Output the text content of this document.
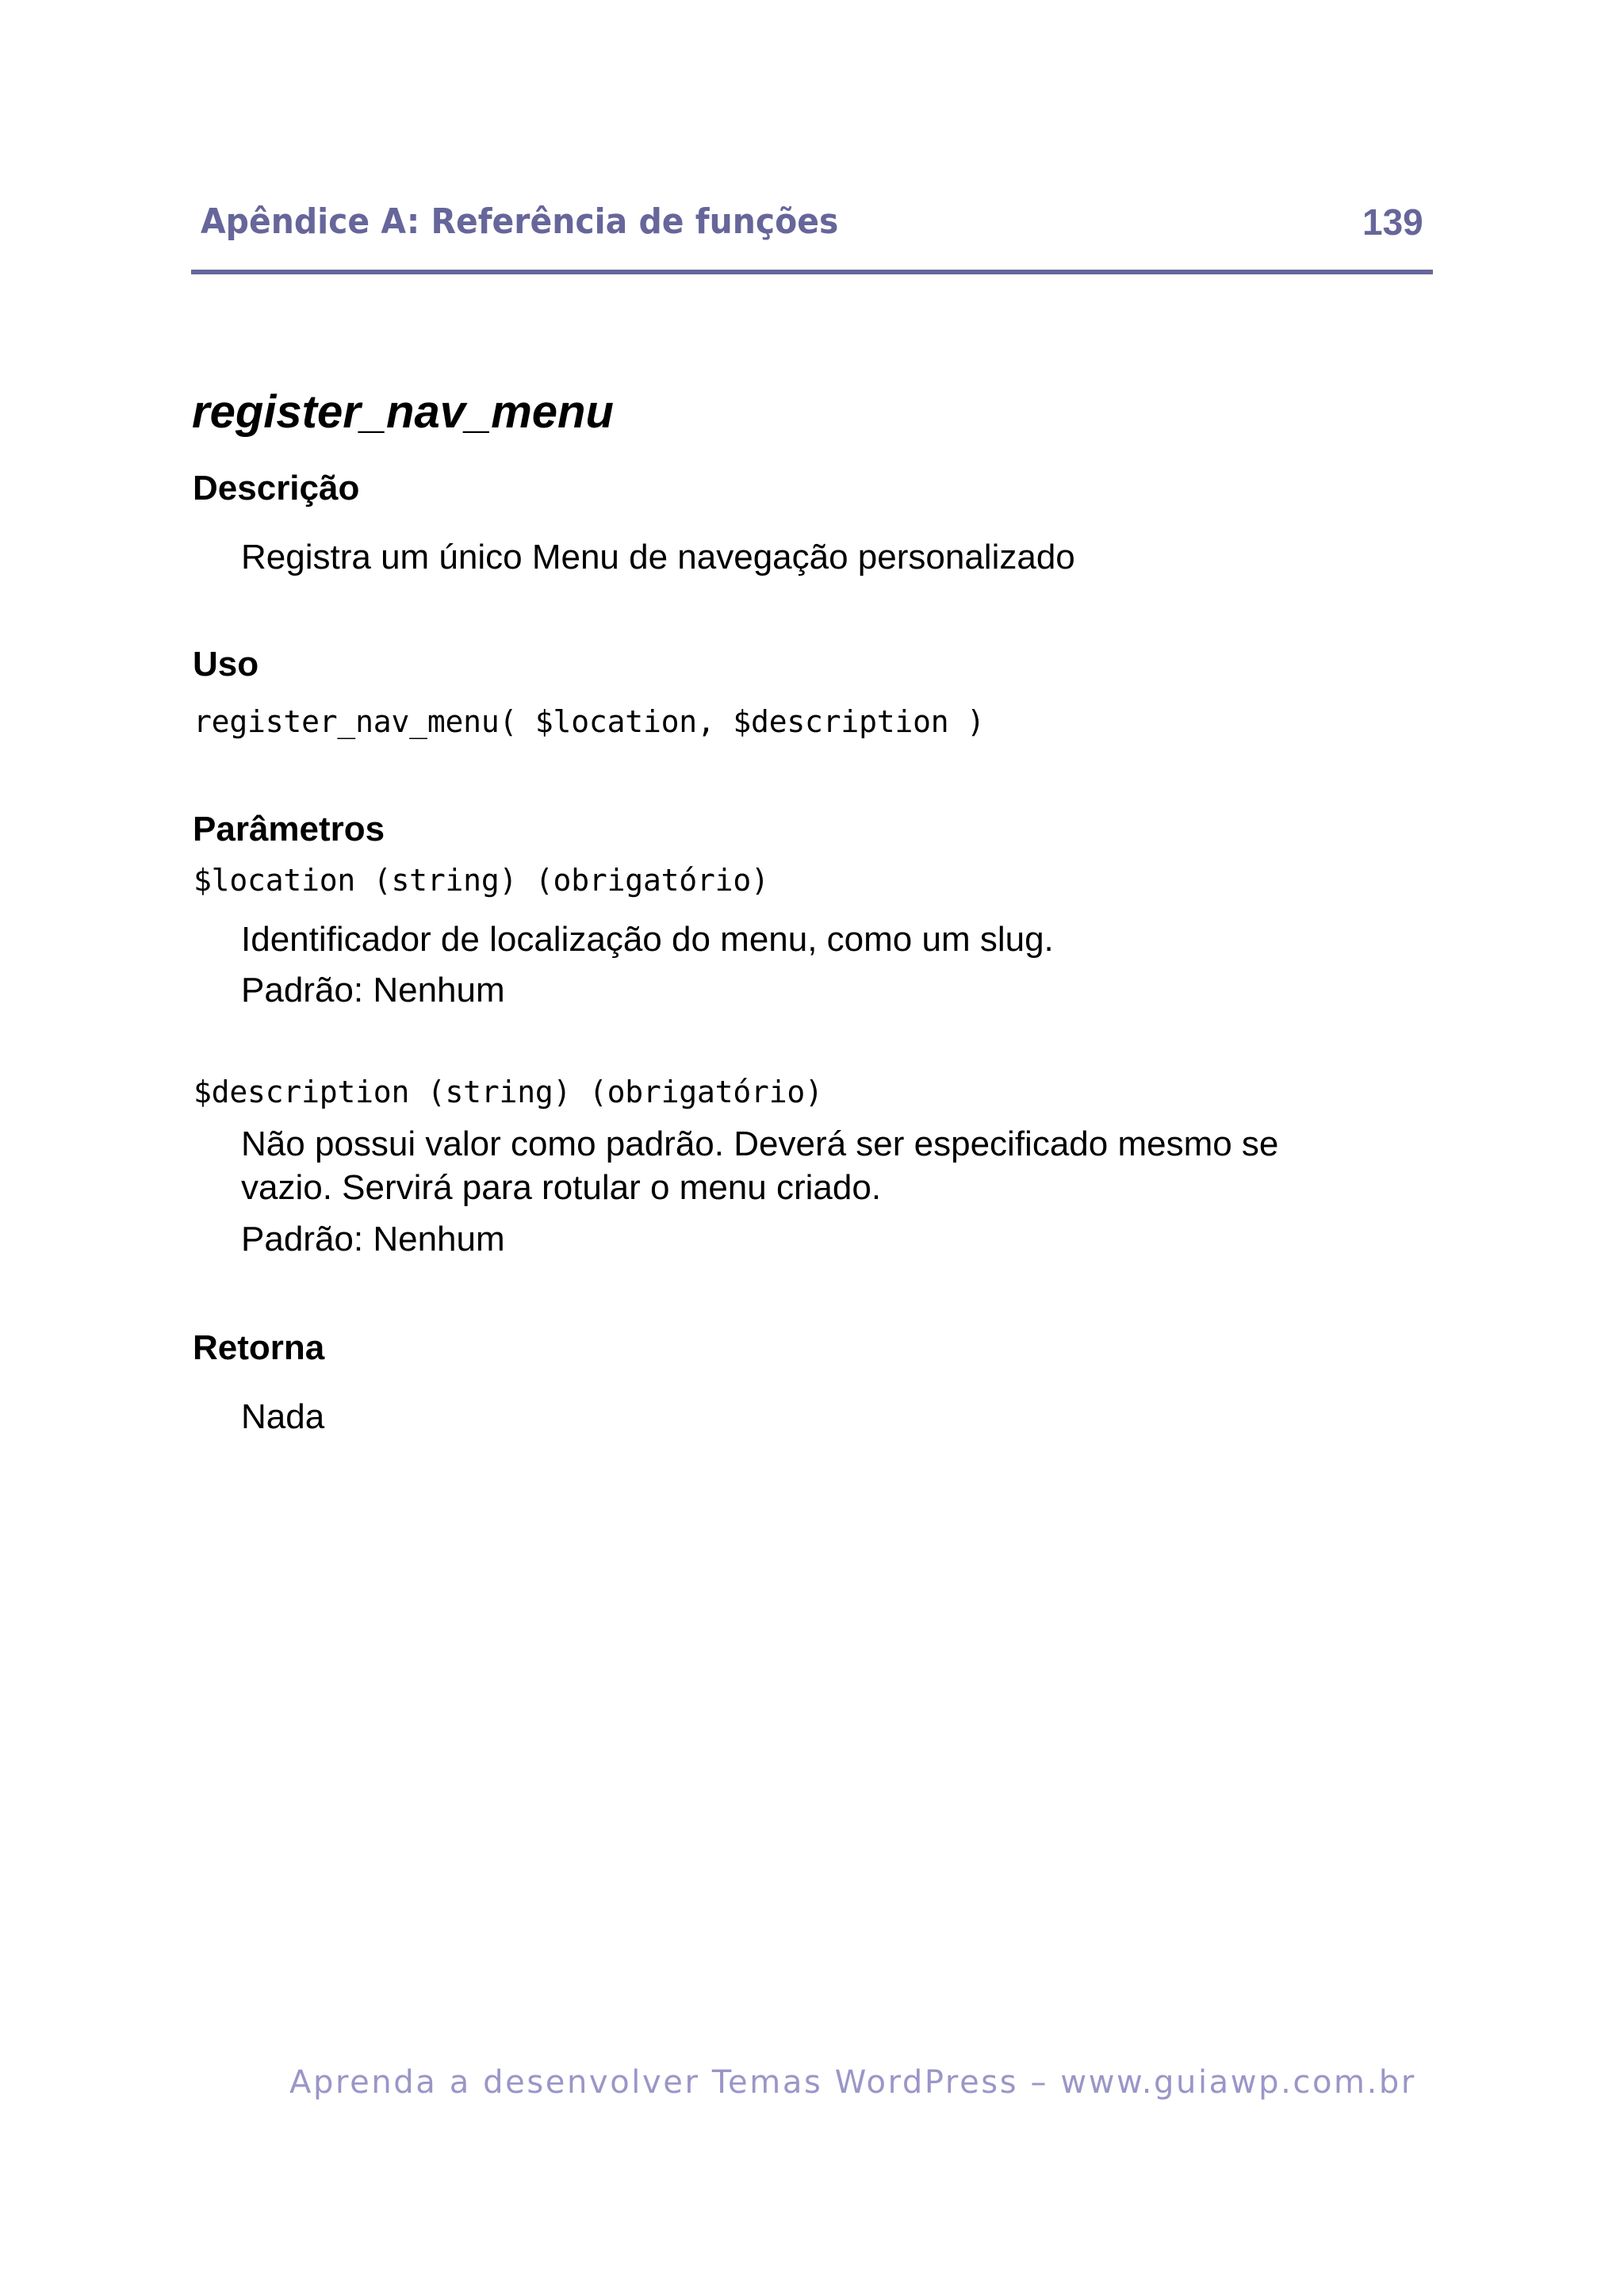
Apêndice A: Referência de funções	139
register_nav_menu
Descrição
Registra um único Menu de navegação personalizado
Uso
register_nav_menu( $location, $description )
Parâmetros
$location (string) (obrigatório)
Identificador de localização do menu, como um slug.
Padrão: Nenhum
$description (string) (obrigatório)
Não possui valor como padrão. Deverá ser especificado mesmo se
vazio. Servirá para rotular o menu criado.
Padrão: Nenhum
Retorna
Nada
Aprenda a desenvolver Temas WordPress – www.guiawp.com.br
